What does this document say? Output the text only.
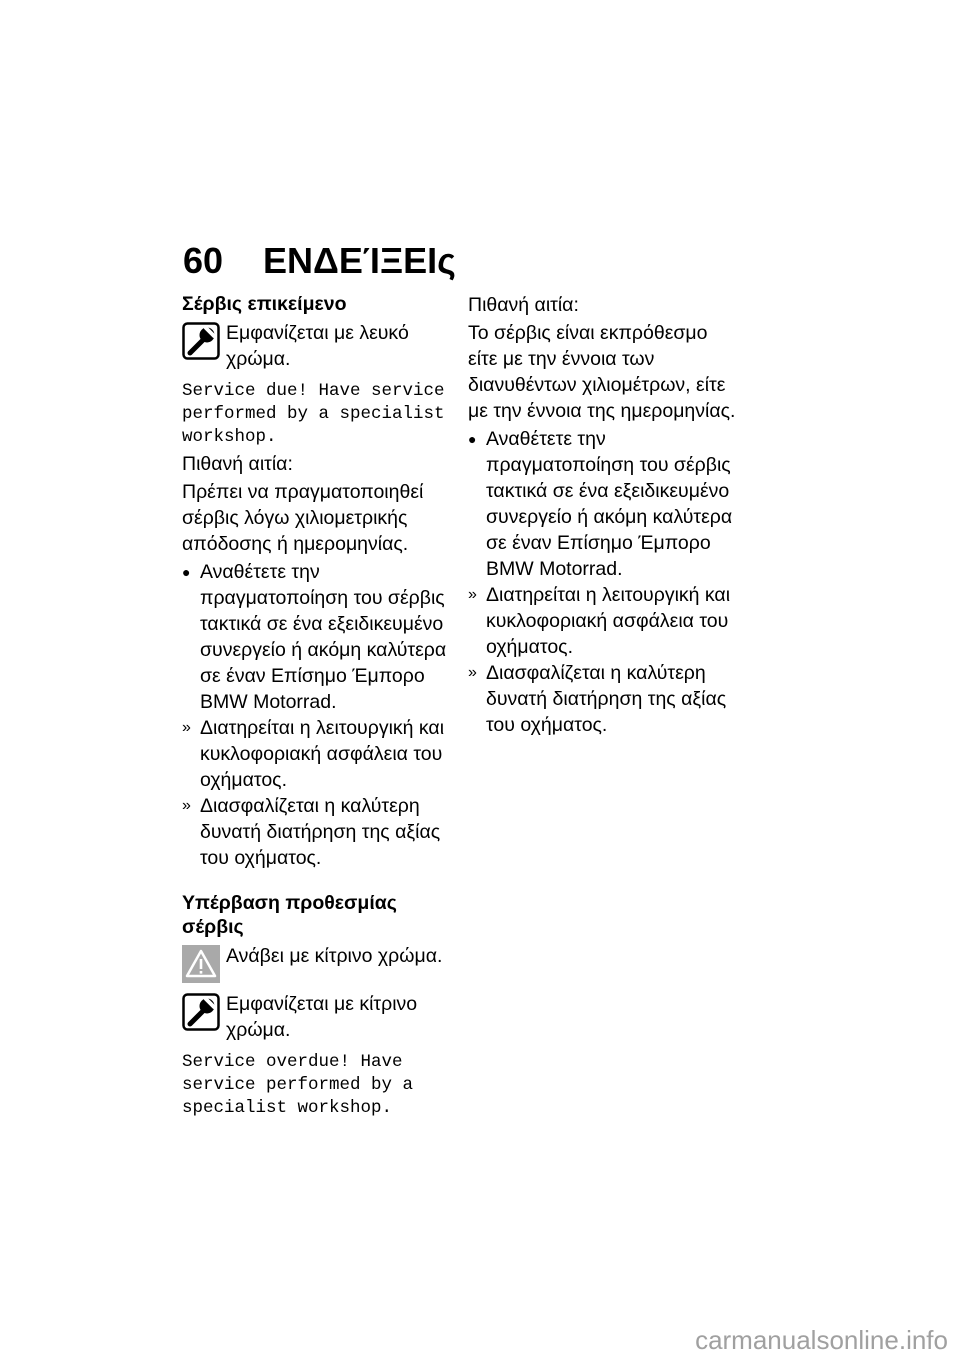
60 ΕΝΔΕΊΞΕΙς
Σέρβις επικείμενο
Εμφανίζεται με λευκό χρώμα.
Service due! Have service performed by a specialist workshop.

Πιθανή αιτία:

Πρέπει να πραγματοποιηθεί σέρβις λόγω χιλιομετρικής απόδοσης ή ημερομηνίας.

● Αναθέτετε την πραγματοποίηση του σέρβις τακτικά σε ένα εξειδικευμένο συνεργείο ή ακόμη καλύτερα σε έναν Επίσημο Έμπορο BMW Motorrad.
» Διατηρείται η λειτουργική και κυκλοφοριακή ασφάλεια του οχήματος.
» Διασφαλίζεται η καλύτερη δυνατή διατήρηση της αξίας του οχήματος.
Υπέρβαση προθεσμίας σέρβις
Ανάβει με κίτρινο χρώμα.
Εμφανίζεται με κίτρινο χρώμα.
Service overdue! Have service performed by a specialist workshop.

Πιθανή αιτία:

Το σέρβις είναι εκπρόθεσμο είτε με την έννοια των διανυθέντων χιλιομέτρων, είτε με την έννοια της ημερομηνίας.

● Αναθέτετε την πραγματοποίηση του σέρβις τακτικά σε ένα εξειδικευμένο συνεργείο ή ακόμη καλύτερα σε έναν Επίσημο Έμπορο BMW Motorrad.
» Διατηρείται η λειτουργική και κυκλοφοριακή ασφάλεια του οχήματος.
» Διασφαλίζεται η καλύτερη δυνατή διατήρηση της αξίας του οχήματος.
carmanualsonline.info
